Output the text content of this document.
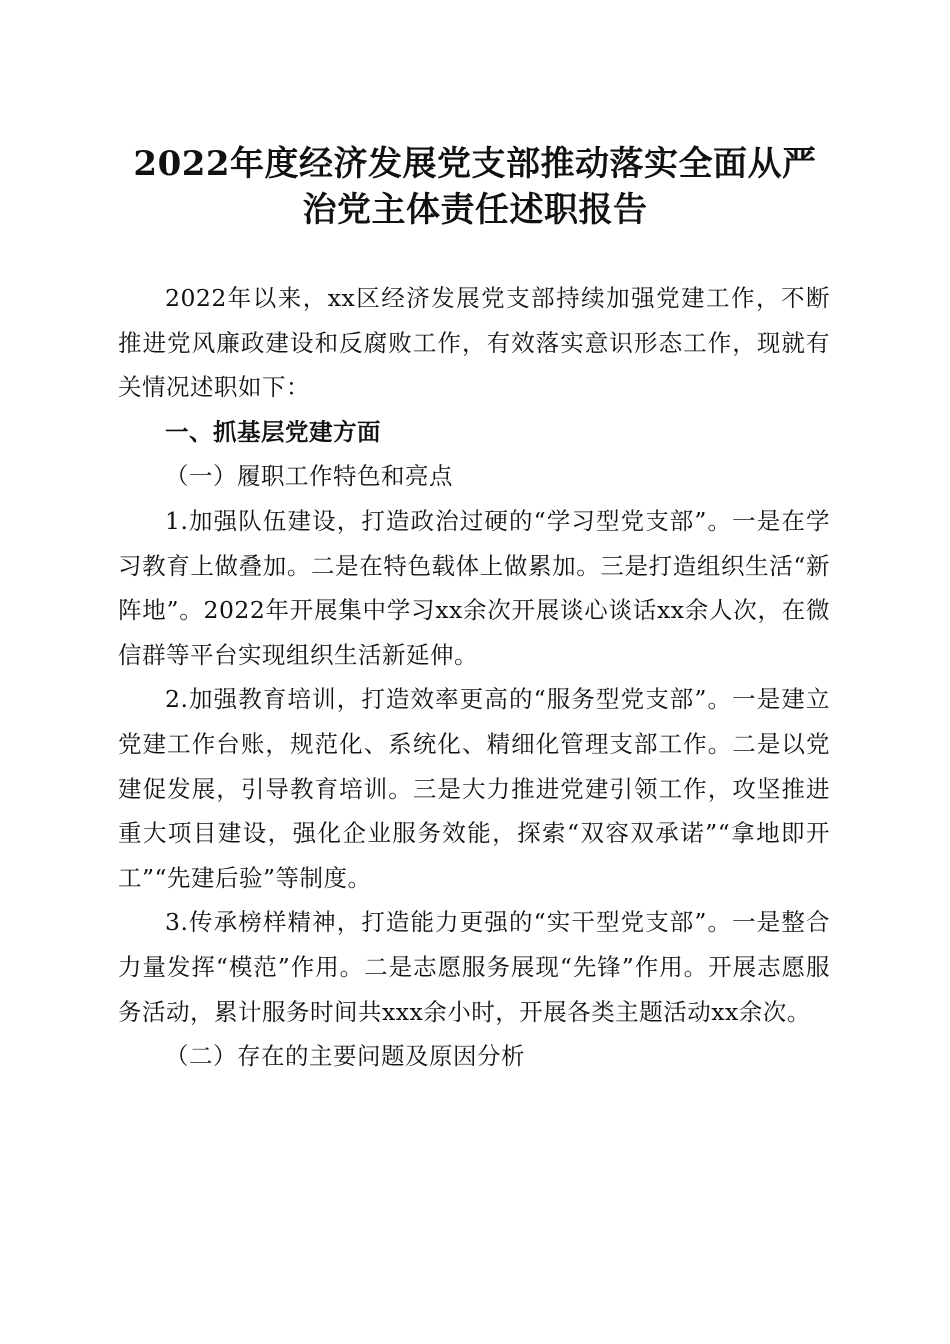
2022年度经济发展党支部推动落实全面从严
治党主体责任述职报告

2022年以来，xx区经济发展党支部持续加强党建工作，不断推进党风廉政建设和反腐败工作，有效落实意识形态工作，现就有关情况述职如下：

一、抓基层党建方面

（一）履职工作特色和亮点

1.加强队伍建设，打造政治过硬的“学习型党支部”。一是在学习教育上做叠加。二是在特色载体上做累加。三是打造组织生活“新阵地”。2022年开展集中学习xx余次开展谈心谈话xx余人次，在微信群等平台实现组织生活新延伸。

2.加强教育培训，打造效率更高的“服务型党支部”。一是建立党建工作台账，规范化、系统化、精细化管理支部工作。二是以党建促发展，引导教育培训。三是大力推进党建引领工作，攻坚推进重大项目建设，强化企业服务效能，探索“双容双承诺”“拿地即开工”“先建后验”等制度。

3.传承榜样精神，打造能力更强的“实干型党支部”。一是整合力量发挥“模范”作用。二是志愿服务展现“先锋”作用。开展志愿服务活动，累计服务时间共xxx余小时，开展各类主题活动xx余次。

（二）存在的主要问题及原因分析
